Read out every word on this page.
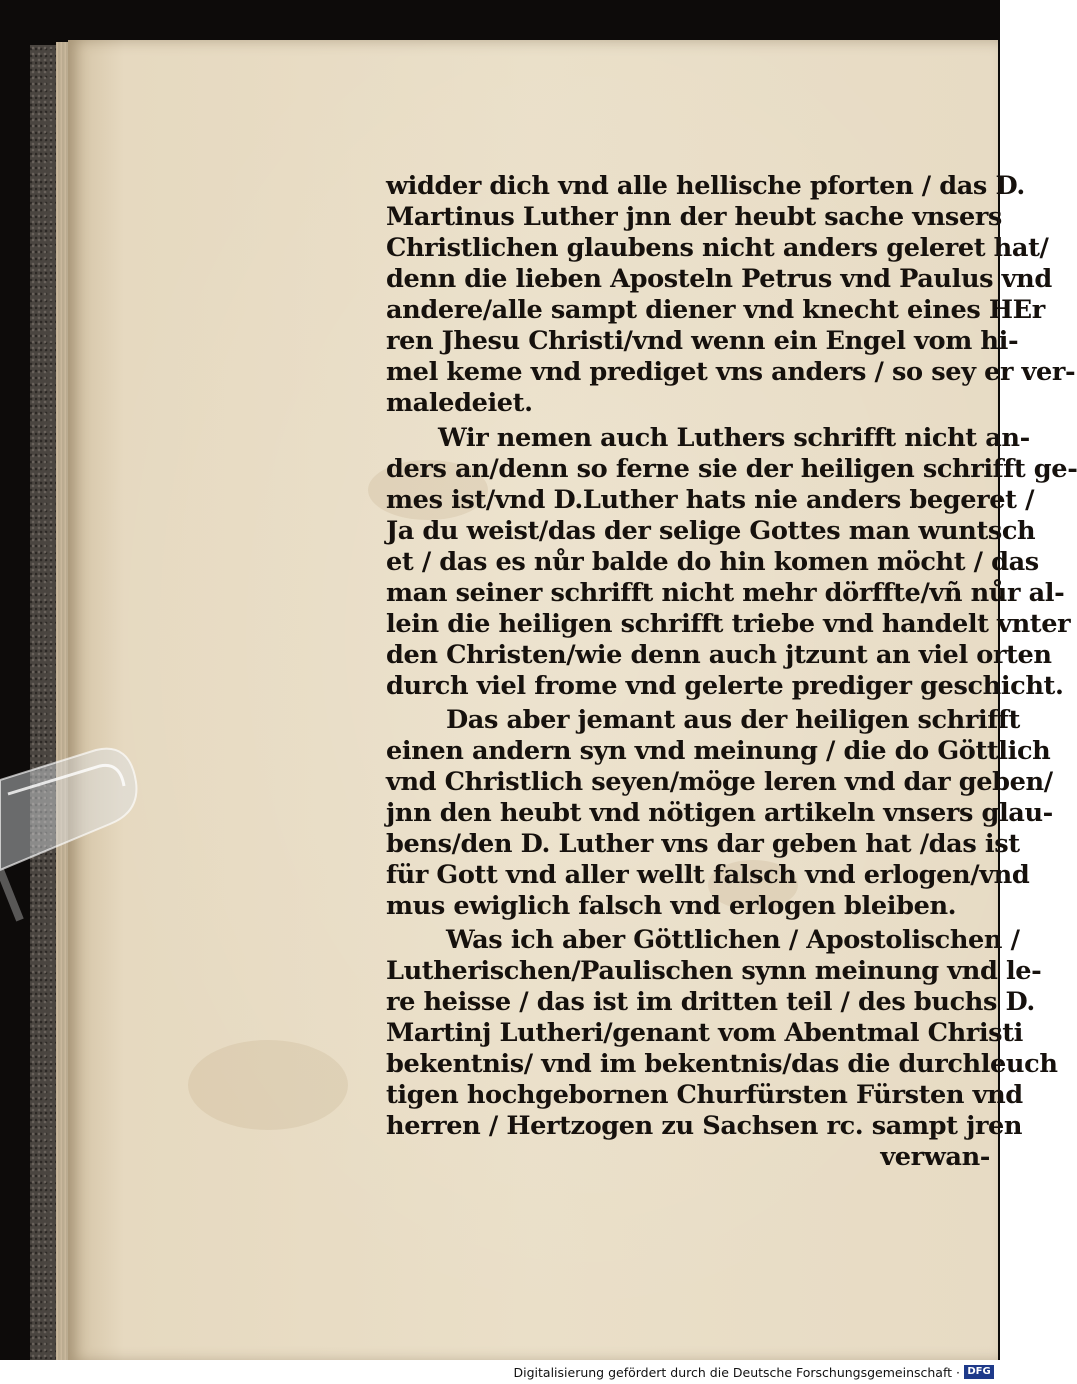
widder dich vnd alle hellische pforten / das D.
Martinus Luther jnn der heubt sache vnsers
Christlichen glaubens nicht anders geleret hat/
denn die lieben Aposteln Petrus vnd Paulus vnd
andere/alle sampt diener vnd knecht eines HEr
ren Jhesu Christi/vnd wenn ein Engel vom hi-
mel keme vnd prediget vns anders / so sey er ver-
maledeiet.
Wir nemen auch Luthers schrifft nicht an-
ders an/denn so ferne sie der heiligen schrifft ge-
mes ist/vnd D.Luther hats nie anders begeret /
Ja du weist/das der selige Gottes man wuntsch
et / das es nůr balde do hin komen möcht / das
man seiner schrifft nicht mehr dörffte/vñ nůr al-
lein die heiligen schrifft triebe vnd handelt vnter
den Christen/wie denn auch jtzunt an viel orten
durch viel frome vnd gelerte prediger geschicht.
Das aber jemant aus der heiligen schrifft
einen andern syn vnd meinung / die do Göttlich
vnd Christlich seyen/möge leren vnd dar geben/
jnn den heubt vnd nötigen artikeln vnsers glau-
bens/den D. Luther vns dar geben hat /das ist
für Gott vnd aller wellt falsch vnd erlogen/vnd
mus ewiglich falsch vnd erlogen bleiben.
Was ich aber Göttlichen / Apostolischen /
Lutherischen/Paulischen synn meinung vnd le-
re heisse / das ist im dritten teil / des buchs D.
Martinj Lutheri/genant vom Abentmal Christi
bekentnis/ vnd im bekentnis/das die durchleuch
tigen hochgebornen Churfürsten Fürsten vnd
herren / Hertzogen zu Sachsen rc. sampt jren
verwan-
Digitalisierung gefördert durch die Deutsche Forschungsgemeinschaft · DFG
